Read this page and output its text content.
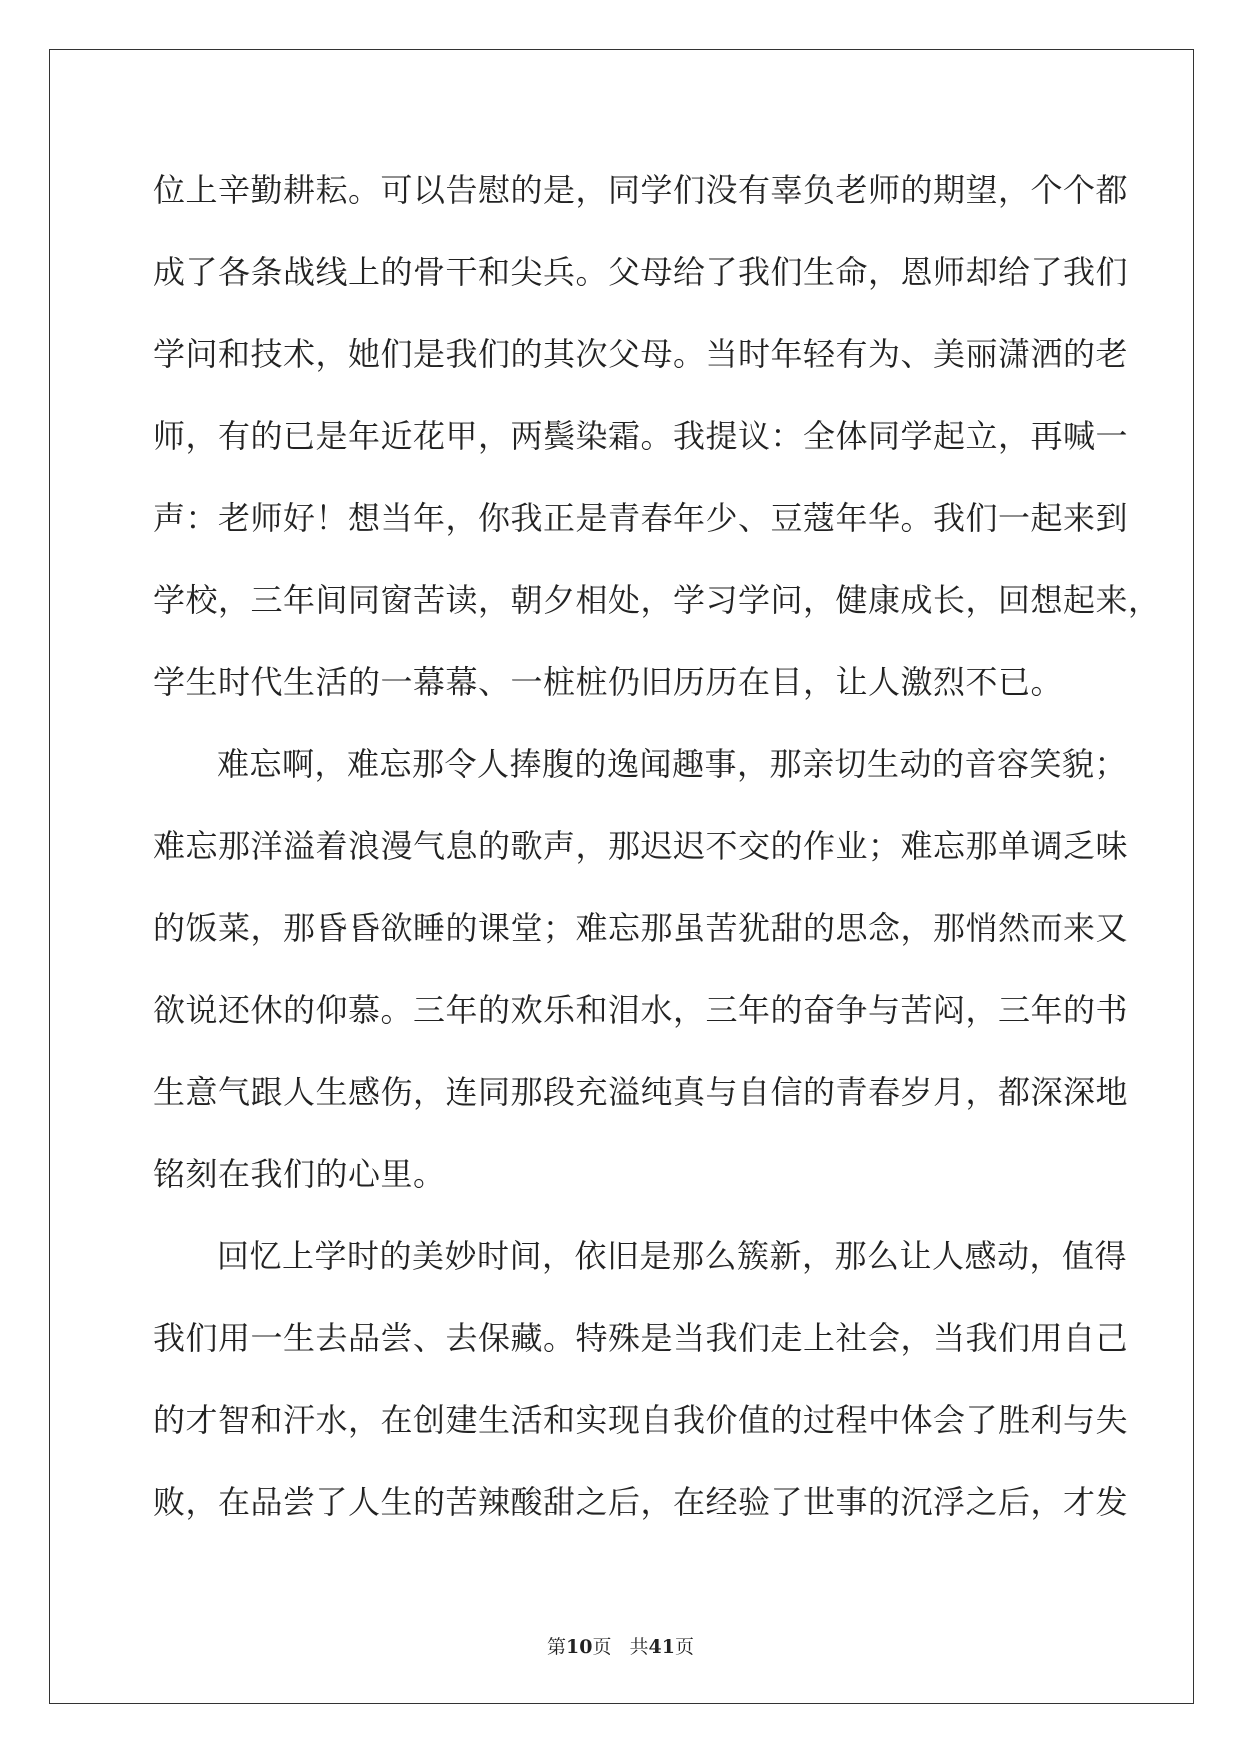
位上辛勤耕耘。可以告慰的是，同学们没有辜负老师的期望，个个都
成了各条战线上的骨干和尖兵。父母给了我们生命，恩师却给了我们
学问和技术，她们是我们的其次父母。当时年轻有为、美丽潇洒的老
师，有的已是年近花甲，两鬓染霜。我提议：全体同学起立，再喊一
声：老师好！想当年，你我正是青春年少、豆蔻年华。我们一起来到
学校，三年间同窗苦读，朝夕相处，学习学问，健康成长，回想起来，
学生时代生活的一幕幕、一桩桩仍旧历历在目，让人激烈不已。
难忘啊，难忘那令人捧腹的逸闻趣事，那亲切生动的音容笑貌；
难忘那洋溢着浪漫气息的歌声，那迟迟不交的作业；难忘那单调乏味
的饭菜，那昏昏欲睡的课堂；难忘那虽苦犹甜的思念，那悄然而来又
欲说还休的仰慕。三年的欢乐和泪水，三年的奋争与苦闷，三年的书
生意气跟人生感伤，连同那段充溢纯真与自信的青春岁月，都深深地
铭刻在我们的心里。
回忆上学时的美妙时间，依旧是那么簇新，那么让人感动，值得
我们用一生去品尝、去保藏。特殊是当我们走上社会，当我们用自己
的才智和汗水，在创建生活和实现自我价值的过程中体会了胜利与失
败，在品尝了人生的苦辣酸甜之后，在经验了世事的沉浮之后，才发
第10页 共41页
